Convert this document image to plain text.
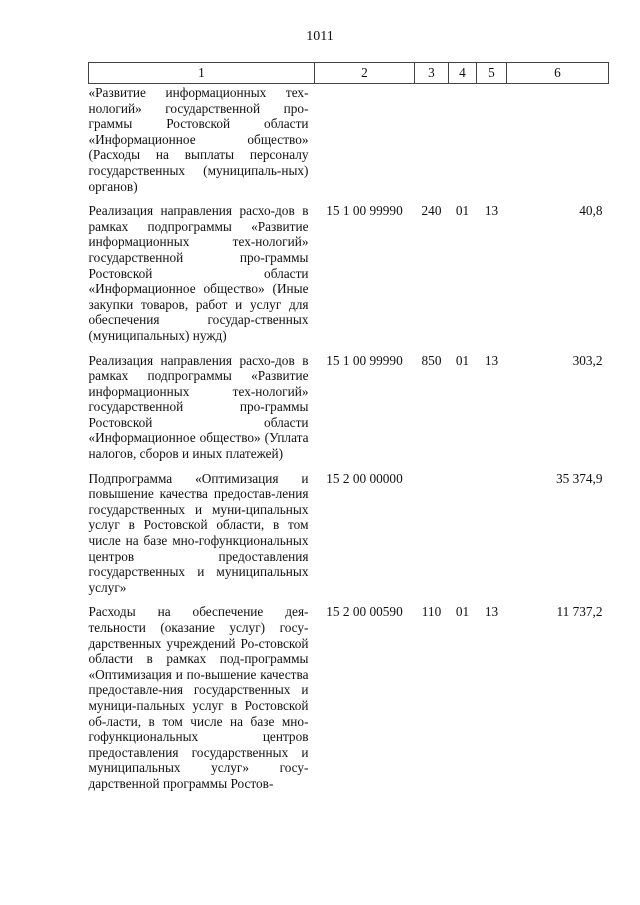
1011
1	2	3	4	5	6
«Развитие информационных тех-нологий» государственной про-граммы Ростовской области «Информационное общество» (Расходы на выплаты персоналу государственных (муниципаль-ных) органов)					
Реализация направления расхо-дов в рамках подпрограммы «Развитие информационных тех-нологий» государственной про-граммы Ростовской области «Информационное общество» (Иные закупки товаров, работ и услуг для обеспечения государ-ственных (муниципальных) нужд)	15 1 00 99990	240	01	13	40,8
Реализация направления расхо-дов в рамках подпрограммы «Развитие информационных тех-нологий» государственной про-граммы Ростовской области «Информационное общество» (Уплата налогов, сборов и иных платежей)	15 1 00 99990	850	01	13	303,2
Подпрограмма «Оптимизация и повышение качества предостав-ления государственных и муни-ципальных услуг в Ростовской области, в том числе на базе мно-гофункциональных центров предоставления государственных и муниципальных услуг»	15 2 00 00000				35 374,9
Расходы на обеспечение дея-тельности (оказание услуг) госу-дарственных учреждений Ро-стовской области в рамках под-программы «Оптимизация и по-вышение качества предоставле-ния государственных и муници-пальных услуг в Ростовской об-ласти, в том числе на базе мно-гофункциональных центров предоставления государственных и муниципальных услуг» госу-дарственной программы Ростов-	15 2 00 00590	110	01	13	11 737,2
